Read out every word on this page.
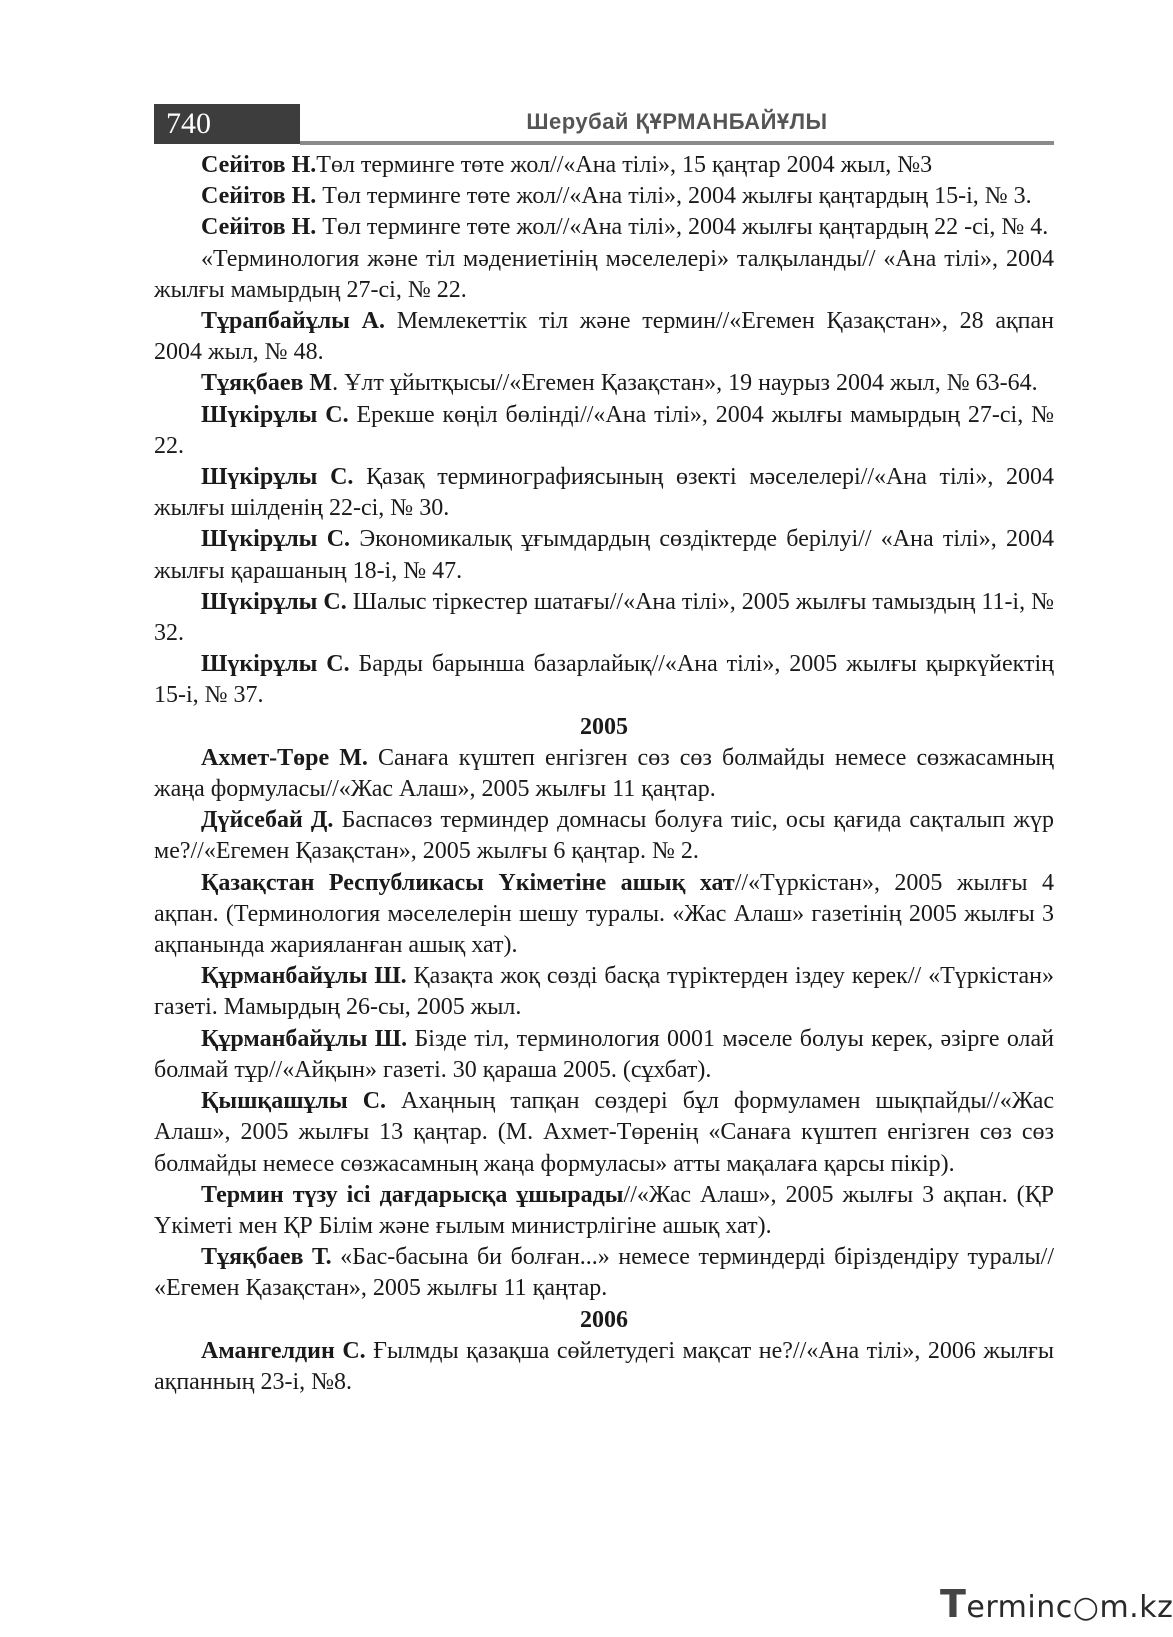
740	Шерубай ҚҰРМАНБАЙҰЛЫ

Сейітов Н.Төл терминге төте жол//«Ана тілі», 15 қаңтар 2004 жыл, №3

Сейітов Н. Төл терминге төте жол//«Ана тілі», 2004 жылғы қаңтардың 15-і, № 3.

Сейітов Н. Төл терминге төте жол//«Ана тілі», 2004 жылғы қаңтардың 22 -сі, № 4.

«Терминология және тіл мәдениетінің мәселелері» талқыланды// «Ана тілі», 2004 жылғы мамырдың 27-сі, № 22.

Тұрапбайұлы А. Мемлекеттік тіл және термин//«Егемен Қазақстан», 28 ақпан 2004 жыл, № 48.

Тұяқбаев М. Ұлт ұйытқысы//«Егемен Қазақстан», 19 наурыз 2004 жыл, № 63-64.

Шүкірұлы С. Ерекше көңіл бөлінді//«Ана тілі», 2004 жылғы мамырдың 27-сі, № 22.

Шүкірұлы С. Қазақ терминографиясының өзекті мәселелері//«Ана тілі», 2004 жылғы шілденің 22-сі, № 30.

Шүкірұлы С. Экономикалық ұғымдардың сөздіктерде берілуі// «Ана тілі», 2004 жылғы қарашаның 18-і, № 47.

Шүкірұлы С. Шалыс тіркестер шатағы//«Ана тілі», 2005 жылғы тамыздың 11-і, № 32.

Шүкірұлы С. Барды барынша базарлайық//«Ана тілі», 2005 жылғы қыркүйектің 15-і, № 37.

2005

Ахмет-Төре М. Санаға күштеп енгізген сөз сөз болмайды немесе сөзжасамның жаңа формуласы//«Жас Алаш», 2005 жылғы 11 қаңтар.

Дүйсебай Д. Баспасөз терминдер домнасы болуға тиіс, осы қағида сақталып жүр ме?//«Егемен Қазақстан», 2005 жылғы 6 қаңтар. № 2.

Қазақстан Республикасы Үкіметіне ашық хат//«Түркістан», 2005 жылғы 4 ақпан. (Терминология мәселелерін шешу туралы. «Жас Алаш» газетінің 2005 жылғы 3 ақпанында жарияланған ашық хат).

Құрманбайұлы Ш. Қазақта жоқ сөзді басқа түріктерден іздеу керек// «Түркістан» газеті. Мамырдың 26-сы, 2005 жыл.

Құрманбайұлы Ш. Бізде тіл, терминология 0001 мәселе болуы керек, әзірге олай болмай тұр//«Айқын» газеті. 30 қараша 2005. (сұхбат).

Қышқашұлы С. Ахаңның тапқан сөздері бұл формуламен шықпайды//«Жас Алаш», 2005 жылғы 13 қаңтар. (М. Ахмет-Төренің «Санаға күштеп енгізген сөз сөз болмайды немесе сөзжасамның жаңа формуласы» атты мақалаға қарсы пікір).

Термин түзу ісі дағдарысқа ұшырады//«Жас Алаш», 2005 жылғы 3 ақпан. (ҚР Үкіметі мен ҚР Білім және ғылым министрлігіне ашық хат).

Тұяқбаев Т. «Бас-басына би болған...» немесе терминдерді біріздендіру туралы// «Егемен Қазақстан», 2005 жылғы 11 қаңтар.

2006

Амангелдин С. Ғылмды қазақша сөйлетудегі мақсат не?//«Ана тілі», 2006 жылғы ақпанның 23-і, №8.

Terminc○m.kz
